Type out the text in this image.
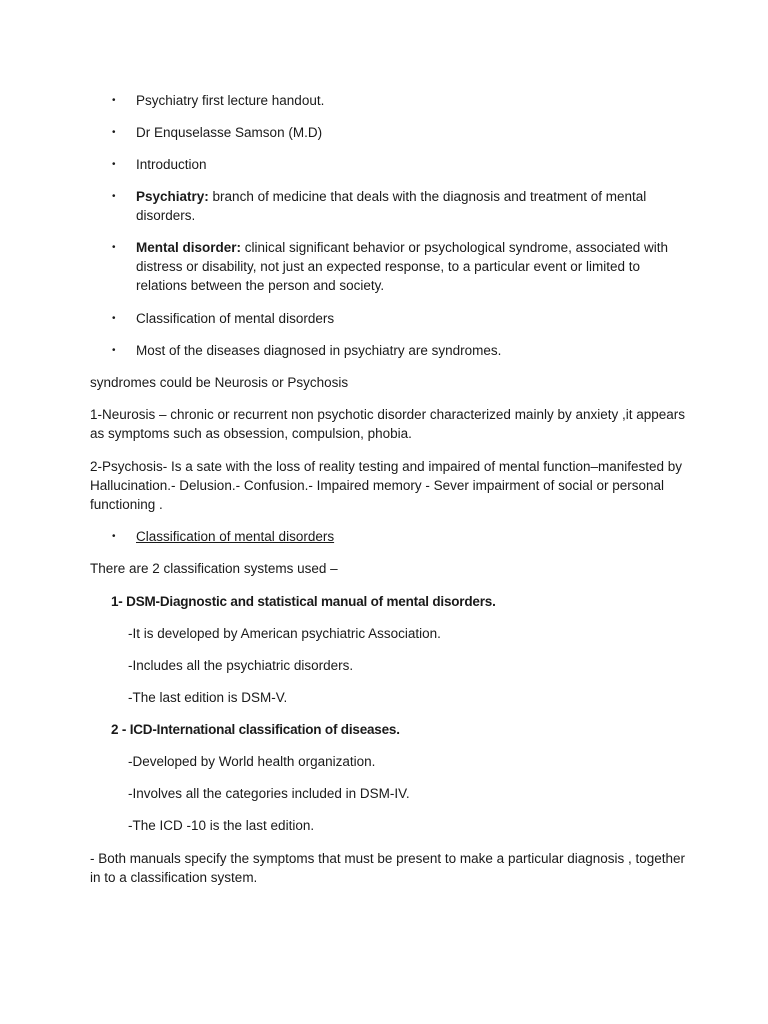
• Psychiatry first lecture handout.
• Dr Enquselasse Samson (M.D)
• Introduction
• Psychiatry: branch of medicine that deals with the diagnosis and treatment of mental disorders.
• Mental disorder: clinical significant behavior or psychological syndrome, associated with distress or disability, not just an expected response, to a particular event or limited to relations between the person and society.
• Classification of mental disorders
• Most of the diseases diagnosed in psychiatry are syndromes.
syndromes could be Neurosis or Psychosis
1-Neurosis – chronic or recurrent non psychotic disorder characterized mainly by anxiety ,it appears as symptoms such as obsession, compulsion, phobia.
2-Psychosis- Is a sate with the loss of reality testing and impaired of mental function–manifested by Hallucination.- Delusion.- Confusion.- Impaired memory - Sever impairment of social or personal functioning .
• Classification of mental disorders
There are 2 classification systems used –
1- DSM-Diagnostic and statistical manual of mental disorders.
-It is developed by American psychiatric Association.
-Includes all the psychiatric disorders.
-The last edition is DSM-V.
2 - ICD-International classification of diseases.
-Developed by World health organization.
-Involves all the categories included in DSM-IV.
-The ICD -10 is the last edition.
- Both manuals specify the symptoms that must be present to make a particular diagnosis , together in to a classification system.
